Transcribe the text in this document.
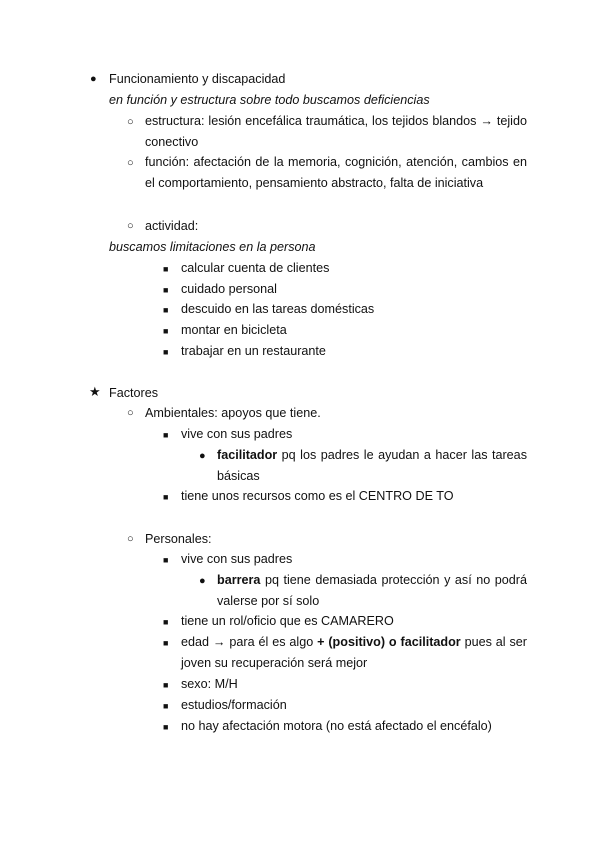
● Funcionamiento y discapacidad
en función y estructura sobre todo buscamos deficiencias
○ estructura: lesión encefálica traumática, los tejidos blandos → tejido conectivo
○ función: afectación de la memoria, cognición, atención, cambios en el comportamiento, pensamiento abstracto, falta de iniciativa
○ actividad:
buscamos limitaciones en la persona
■ calcular cuenta de clientes
■ cuidado personal
■ descuido en las tareas domésticas
■ montar en bicicleta
■ trabajar en un restaurante
★ Factores
○ Ambientales: apoyos que tiene.
■ vive con sus padres
● facilitador pq los padres le ayudan a hacer las tareas básicas
■ tiene unos recursos como es el CENTRO DE TO
○ Personales:
■ vive con sus padres
● barrera pq tiene demasiada protección y así no podrá valerse por sí solo
■ tiene un rol/oficio que es CAMARERO
■ edad → para él es algo + (positivo) o facilitador pues al ser joven su recuperación será mejor
■ sexo: M/H
■ estudios/formación
■ no hay afectación motora (no está afectado el encéfalo)
